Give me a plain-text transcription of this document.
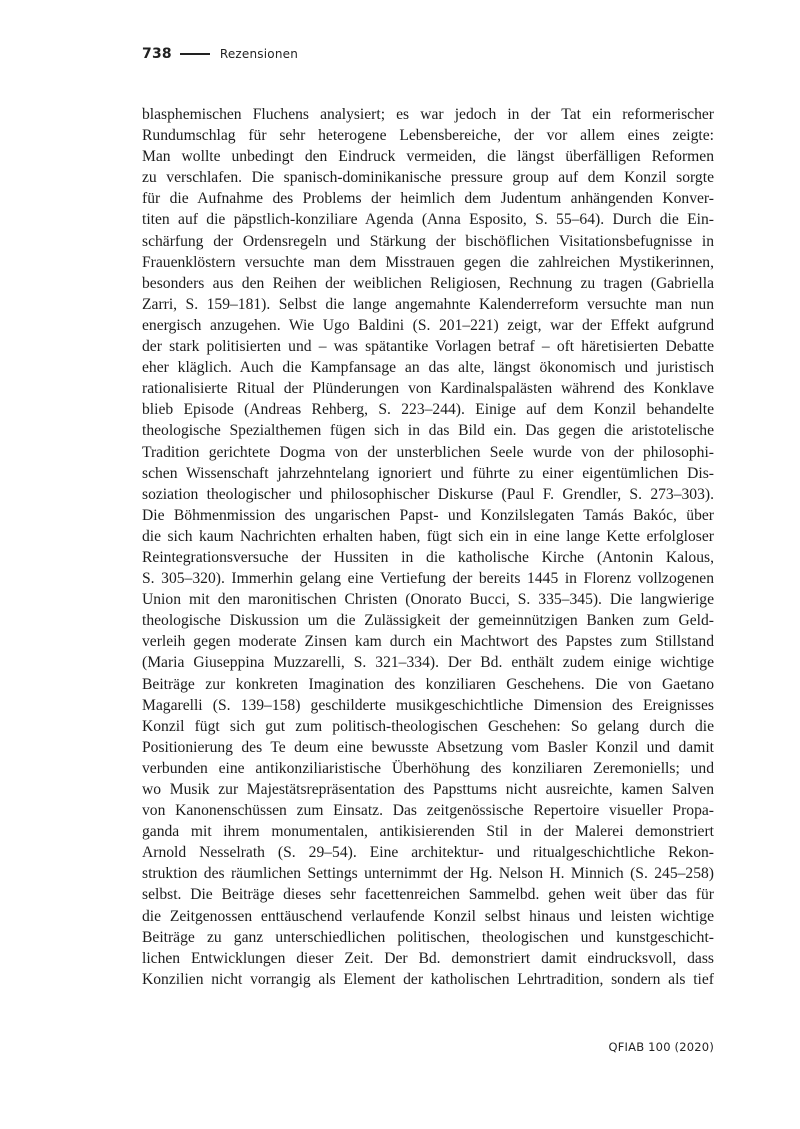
738	Rezensionen
blasphemischen Fluchens analysiert; es war jedoch in der Tat ein reformerischer
Rundumschlag für sehr heterogene Lebensbereiche, der vor allem eines zeigte:
Man wollte unbedingt den Eindruck vermeiden, die längst überfälligen Reformen
zu verschlafen. Die spanisch-dominikanische pressure group auf dem Konzil sorgte
für die Aufnahme des Problems der heimlich dem Judentum anhängenden Konver-
titen auf die päpstlich-konziliare Agenda (Anna Esposito, S. 55–64). Durch die Ein-
schärfung der Ordensregeln und Stärkung der bischöflichen Visitationsbefugnisse in
Frauenklöstern versuchte man dem Misstrauen gegen die zahlreichen Mystikerinnen,
besonders aus den Reihen der weiblichen Religiosen, Rechnung zu tragen (Gabriella
Zarri, S. 159–181). Selbst die lange angemahnte Kalenderreform versuchte man nun
energisch anzugehen. Wie Ugo Baldini (S. 201–221) zeigt, war der Effekt aufgrund
der stark politisierten und – was spätantike Vorlagen betraf – oft häretisierten Debatte
eher kläglich. Auch die Kampfansage an das alte, längst ökonomisch und juristisch
rationalisierte Ritual der Plünderungen von Kardinalspalästen während des Konklave
blieb Episode (Andreas Rehberg, S. 223–244). Einige auf dem Konzil behandelte
theologische Spezialthemen fügen sich in das Bild ein. Das gegen die aristotelische
Tradition gerichtete Dogma von der unsterblichen Seele wurde von der philosophi-
schen Wissenschaft jahrzehntelang ignoriert und führte zu einer eigentümlichen Dis-
soziation theologischer und philosophischer Diskurse (Paul F. Grendler, S. 273–303).
Die Böhmenmission des ungarischen Papst- und Konzilslegaten Tamás Bakóc, über
die sich kaum Nachrichten erhalten haben, fügt sich ein in eine lange Kette erfolgloser
Reintegrationsversuche der Hussiten in die katholische Kirche (Antonin Kalous,
S. 305–320). Immerhin gelang eine Vertiefung der bereits 1445 in Florenz vollzogenen
Union mit den maronitischen Christen (Onorato Bucci, S. 335–345). Die langwierige
theologische Diskussion um die Zulässigkeit der gemeinnützigen Banken zum Geld-
verleih gegen moderate Zinsen kam durch ein Machtwort des Papstes zum Stillstand
(Maria Giuseppina Muzzarelli, S. 321–334). Der Bd. enthält zudem einige wichtige
Beiträge zur konkreten Imagination des konziliaren Geschehens. Die von Gaetano
Magarelli (S. 139–158) geschilderte musikgeschichtliche Dimension des Ereignisses
Konzil fügt sich gut zum politisch-theologischen Geschehen: So gelang durch die
Positionierung des Te deum eine bewusste Absetzung vom Basler Konzil und damit
verbunden eine antikonziliaristische Überhöhung des konziliaren Zeremoniells; und
wo Musik zur Majestätsrepräsentation des Papsttums nicht ausreichte, kamen Salven
von Kanonenschüssen zum Einsatz. Das zeitgenössische Repertoire visueller Propa-
ganda mit ihrem monumentalen, antikisierenden Stil in der Malerei demonstriert
Arnold Nesselrath (S. 29–54). Eine architektur- und ritualgeschichtliche Rekon-
struktion des räumlichen Settings unternimmt der Hg. Nelson H. Minnich (S. 245–258)
selbst. Die Beiträge dieses sehr facettenreichen Sammelbd. gehen weit über das für
die Zeitgenossen enttäuschend verlaufende Konzil selbst hinaus und leisten wichtige
Beiträge zu ganz unterschiedlichen politischen, theologischen und kunstgeschicht-
lichen Entwicklungen dieser Zeit. Der Bd. demonstriert damit eindrucksvoll, dass
Konzilien nicht vorrangig als Element der katholischen Lehrtradition, sondern als tief
QFIAB 100 (2020)
